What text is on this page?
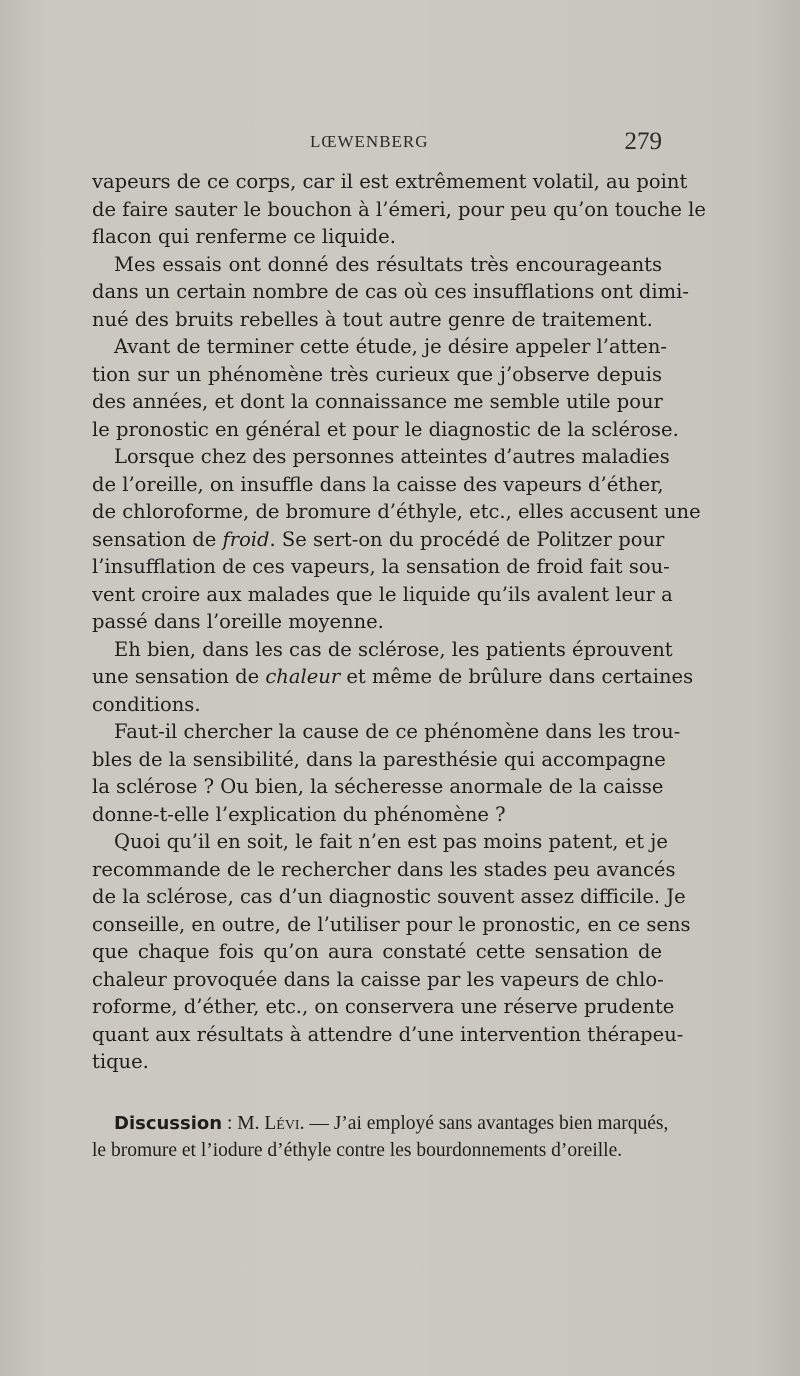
LŒWENBERG	279
vapeurs de ce corps, car il est extrêmement volatil, au point
de faire sauter le bouchon à l’émeri, pour peu qu’on touche le
flacon qui renferme ce liquide.
Mes essais ont donné des résultats très encourageants
dans un certain nombre de cas où ces insufflations ont dimi-
nué des bruits rebelles à tout autre genre de traitement.
Avant de terminer cette étude, je désire appeler l’atten-
tion sur un phénomène très curieux que j’observe depuis
des années, et dont la connaissance me semble utile pour
le pronostic en général et pour le diagnostic de la sclérose.
Lorsque chez des personnes atteintes d’autres maladies
de l’oreille, on insuffle dans la caisse des vapeurs d’éther,
de chloroforme, de bromure d’éthyle, etc., elles accusent une
sensation de froid. Se sert-on du procédé de Politzer pour
l’insufflation de ces vapeurs, la sensation de froid fait sou-
vent croire aux malades que le liquide qu’ils avalent leur a
passé dans l’oreille moyenne.
Eh bien, dans les cas de sclérose, les patients éprouvent
une sensation de chaleur et même de brûlure dans certaines
conditions.
Faut-il chercher la cause de ce phénomène dans les trou-
bles de la sensibilité, dans la paresthésie qui accompagne
la sclérose ? Ou bien, la sécheresse anormale de la caisse
donne-t-elle l’explication du phénomène ?
Quoi qu’il en soit, le fait n’en est pas moins patent, et je
recommande de le rechercher dans les stades peu avancés
de la sclérose, cas d’un diagnostic souvent assez difficile. Je
conseille, en outre, de l’utiliser pour le pronostic, en ce sens
que chaque fois qu’on aura constaté cette sensation de
chaleur provoquée dans la caisse par les vapeurs de chlo-
roforme, d’éther, etc., on conservera une réserve prudente
quant aux résultats à attendre d’une intervention thérapeu-
tique.
Discussion : M. Lévi. — J’ai employé sans avantages bien marqués,
le bromure et l’iodure d’éthyle contre les bourdonnements d’oreille.
